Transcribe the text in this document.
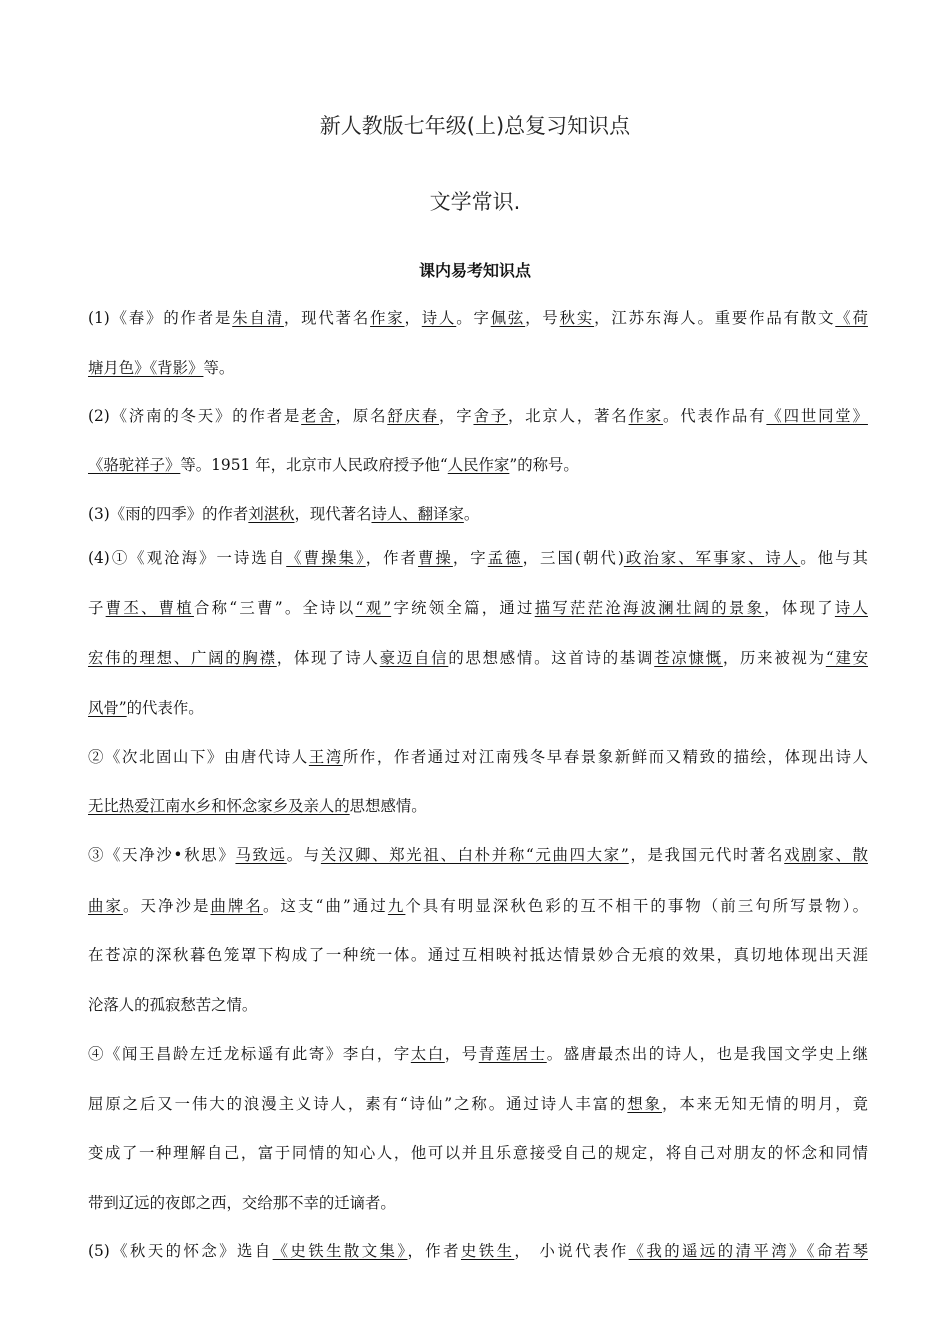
新人教版七年级(上)总复习知识点
文学常识.
课内易考知识点
(1)《春》的作者是朱自清，现代著名作家，诗人。字佩弦，号秋实，江苏东海人。重要作品有散文《荷
塘月色》《背影》等。
(2)《济南的冬天》的作者是老舍，原名舒庆春，字舍予，北京人，著名作家。代表作品有《四世同堂》
《骆驼祥子》等。1951 年，北京市人民政府授予他“人民作家”的称号。
(3)《雨的四季》的作者刘湛秋，现代著名诗人、翻译家。
(4)①《观沧海》一诗选自《曹操集》，作者曹操，字孟德，三国(朝代)政治家、军事家、诗人。他与其
子曹丕、曹植合称“三曹”。全诗以“观”字统领全篇，通过描写茫茫沧海波澜壮阔的景象，体现了诗人
宏伟的理想、广阔的胸襟，体现了诗人豪迈自信的思想感情。这首诗的基调苍凉慷慨，历来被视为“建安
风骨”的代表作。
②《次北固山下》由唐代诗人王湾所作，作者通过对江南残冬早春景象新鲜而又精致的描绘，体现出诗人
无比热爱江南水乡和怀念家乡及亲人的思想感情。
③《天净沙•秋思》马致远。与关汉卿、郑光祖、白朴并称“元曲四大家”，是我国元代时著名戏剧家、散
曲家。天净沙是曲牌名。这支“曲”通过九个具有明显深秋色彩的互不相干的事物（前三句所写景物）。
在苍凉的深秋暮色笼罩下构成了一种统一体。通过互相映衬抵达情景妙合无痕的效果，真切地体现出天涯
沦落人的孤寂愁苦之情。
④《闻王昌龄左迁龙标遥有此寄》李白，字太白，号青莲居士。盛唐最杰出的诗人，也是我国文学史上继
屈原之后又一伟大的浪漫主义诗人，素有“诗仙”之称。通过诗人丰富的想象，本来无知无情的明月，竟
变成了一种理解自己，富于同情的知心人，他可以并且乐意接受自己的规定，将自己对朋友的怀念和同情
带到辽远的夜郎之西，交给那不幸的迁谪者。
(5)《秋天的怀念》选自《史铁生散文集》，作者史铁生， 小说代表作《我的遥远的清平湾》《命若琴
